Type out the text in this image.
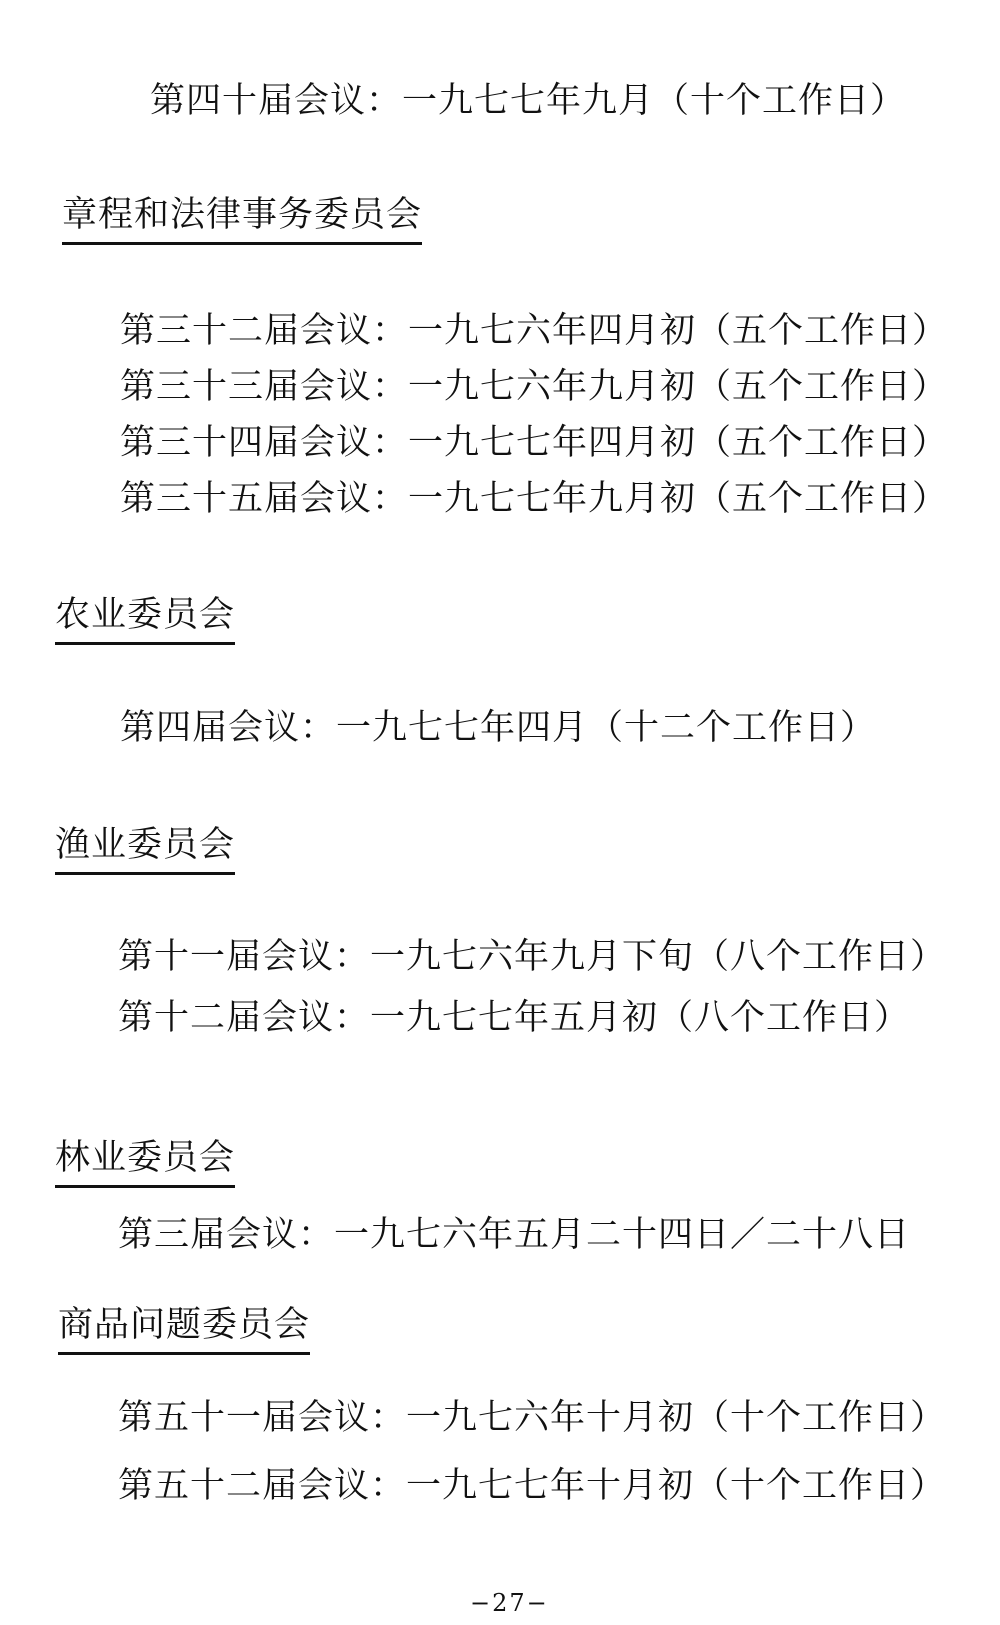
第四十届会议：一九七七年九月（十个工作日）
章程和法律事务委员会
第三十二届会议：一九七六年四月初（五个工作日）
第三十三届会议：一九七六年九月初（五个工作日）
第三十四届会议：一九七七年四月初（五个工作日）
第三十五届会议：一九七七年九月初（五个工作日）
农业委员会
第四届会议：一九七七年四月（十二个工作日）
渔业委员会
第十一届会议：一九七六年九月下旬（八个工作日）
第十二届会议：一九七七年五月初（八个工作日）
林业委员会
第三届会议：一九七六年五月二十四日／二十八日
商品问题委员会
第五十一届会议：一九七六年十月初（十个工作日）
第五十二届会议：一九七七年十月初（十个工作日）
−27−
